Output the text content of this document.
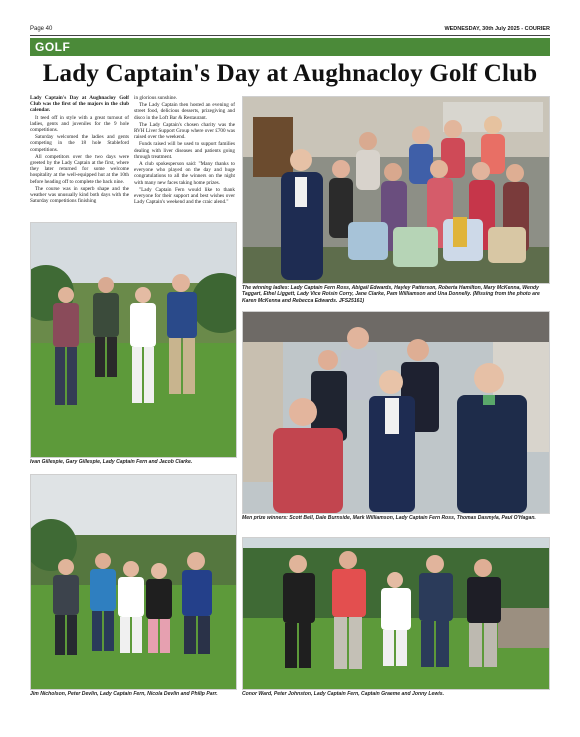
Page 40	WEDNESDAY, 30th July 2025 - COURIER
GOLF
Lady Captain's Day at Aughnacloy Golf Club

Lady Captain's Day at Aughnacloy Golf Club was the first of the majors in the club calendar.

It teed off in style with a great turnout of ladies, gents and juveniles for the 9 hole competitions.

Saturday welcomed the ladies and gents competing in the 18 hole Stableford competitions.

All competitors over the two days were greeted by the Lady Captain at the first, where they later returned for some welcome hospitality at the well-equipped hut at the 10th before heading off to complete the back nine.

The course was in superb shape and the weather was unusually kind both days with the Saturday competitions finishing

in glorious sunshine.

The Lady Captain then hosted an evening of street food, delicious desserts, prizegiving and disco in the Loft Bar & Restaurant.

The Lady Captain's chosen charity was the RVH Liver Support Group where over £700 was raised over the weekend.

Funds raised will be used to support families dealing with liver diseases and patients going through treatment.

A club spokesperson said: "Many thanks to everyone who played on the day and huge congratulations to all the winners on the night with many new faces taking home prizes.

"Lady Captain Fern would like to thank everyone for their support and best wishes over Lady Captain's weekend and the craic alend."

The winning ladies: Lady Captain Fern Ross, Abigail Edwards, Hayley Patterson, Roberta Hamilton, Mary McKenna, Wendy Taggart, Ethel Liggett, Lady Vice Roisin Corry, Jane Clarke, Pam Williamson and Una Donnelly. (Missing from the photo are Karen McKenna and Rebecca Edwards. JFS25161)
Ivan Gillespie, Gary Gillespie, Lady Captain Fern and Jacob Clarke.
Men prize winners: Scott Bell, Dale Burnside, Mark Williamson, Lady Captain Fern Ross, Thomas Dasmyla, Paul O'Hagan.
Jim Nicholson, Peter Devlin, Lady Captain Fern, Nicola Devlin and Philip Parr.	Conor Ward, Peter Johnston, Lady Captain Fern, Captain Graeme and Jonny Lewis.
